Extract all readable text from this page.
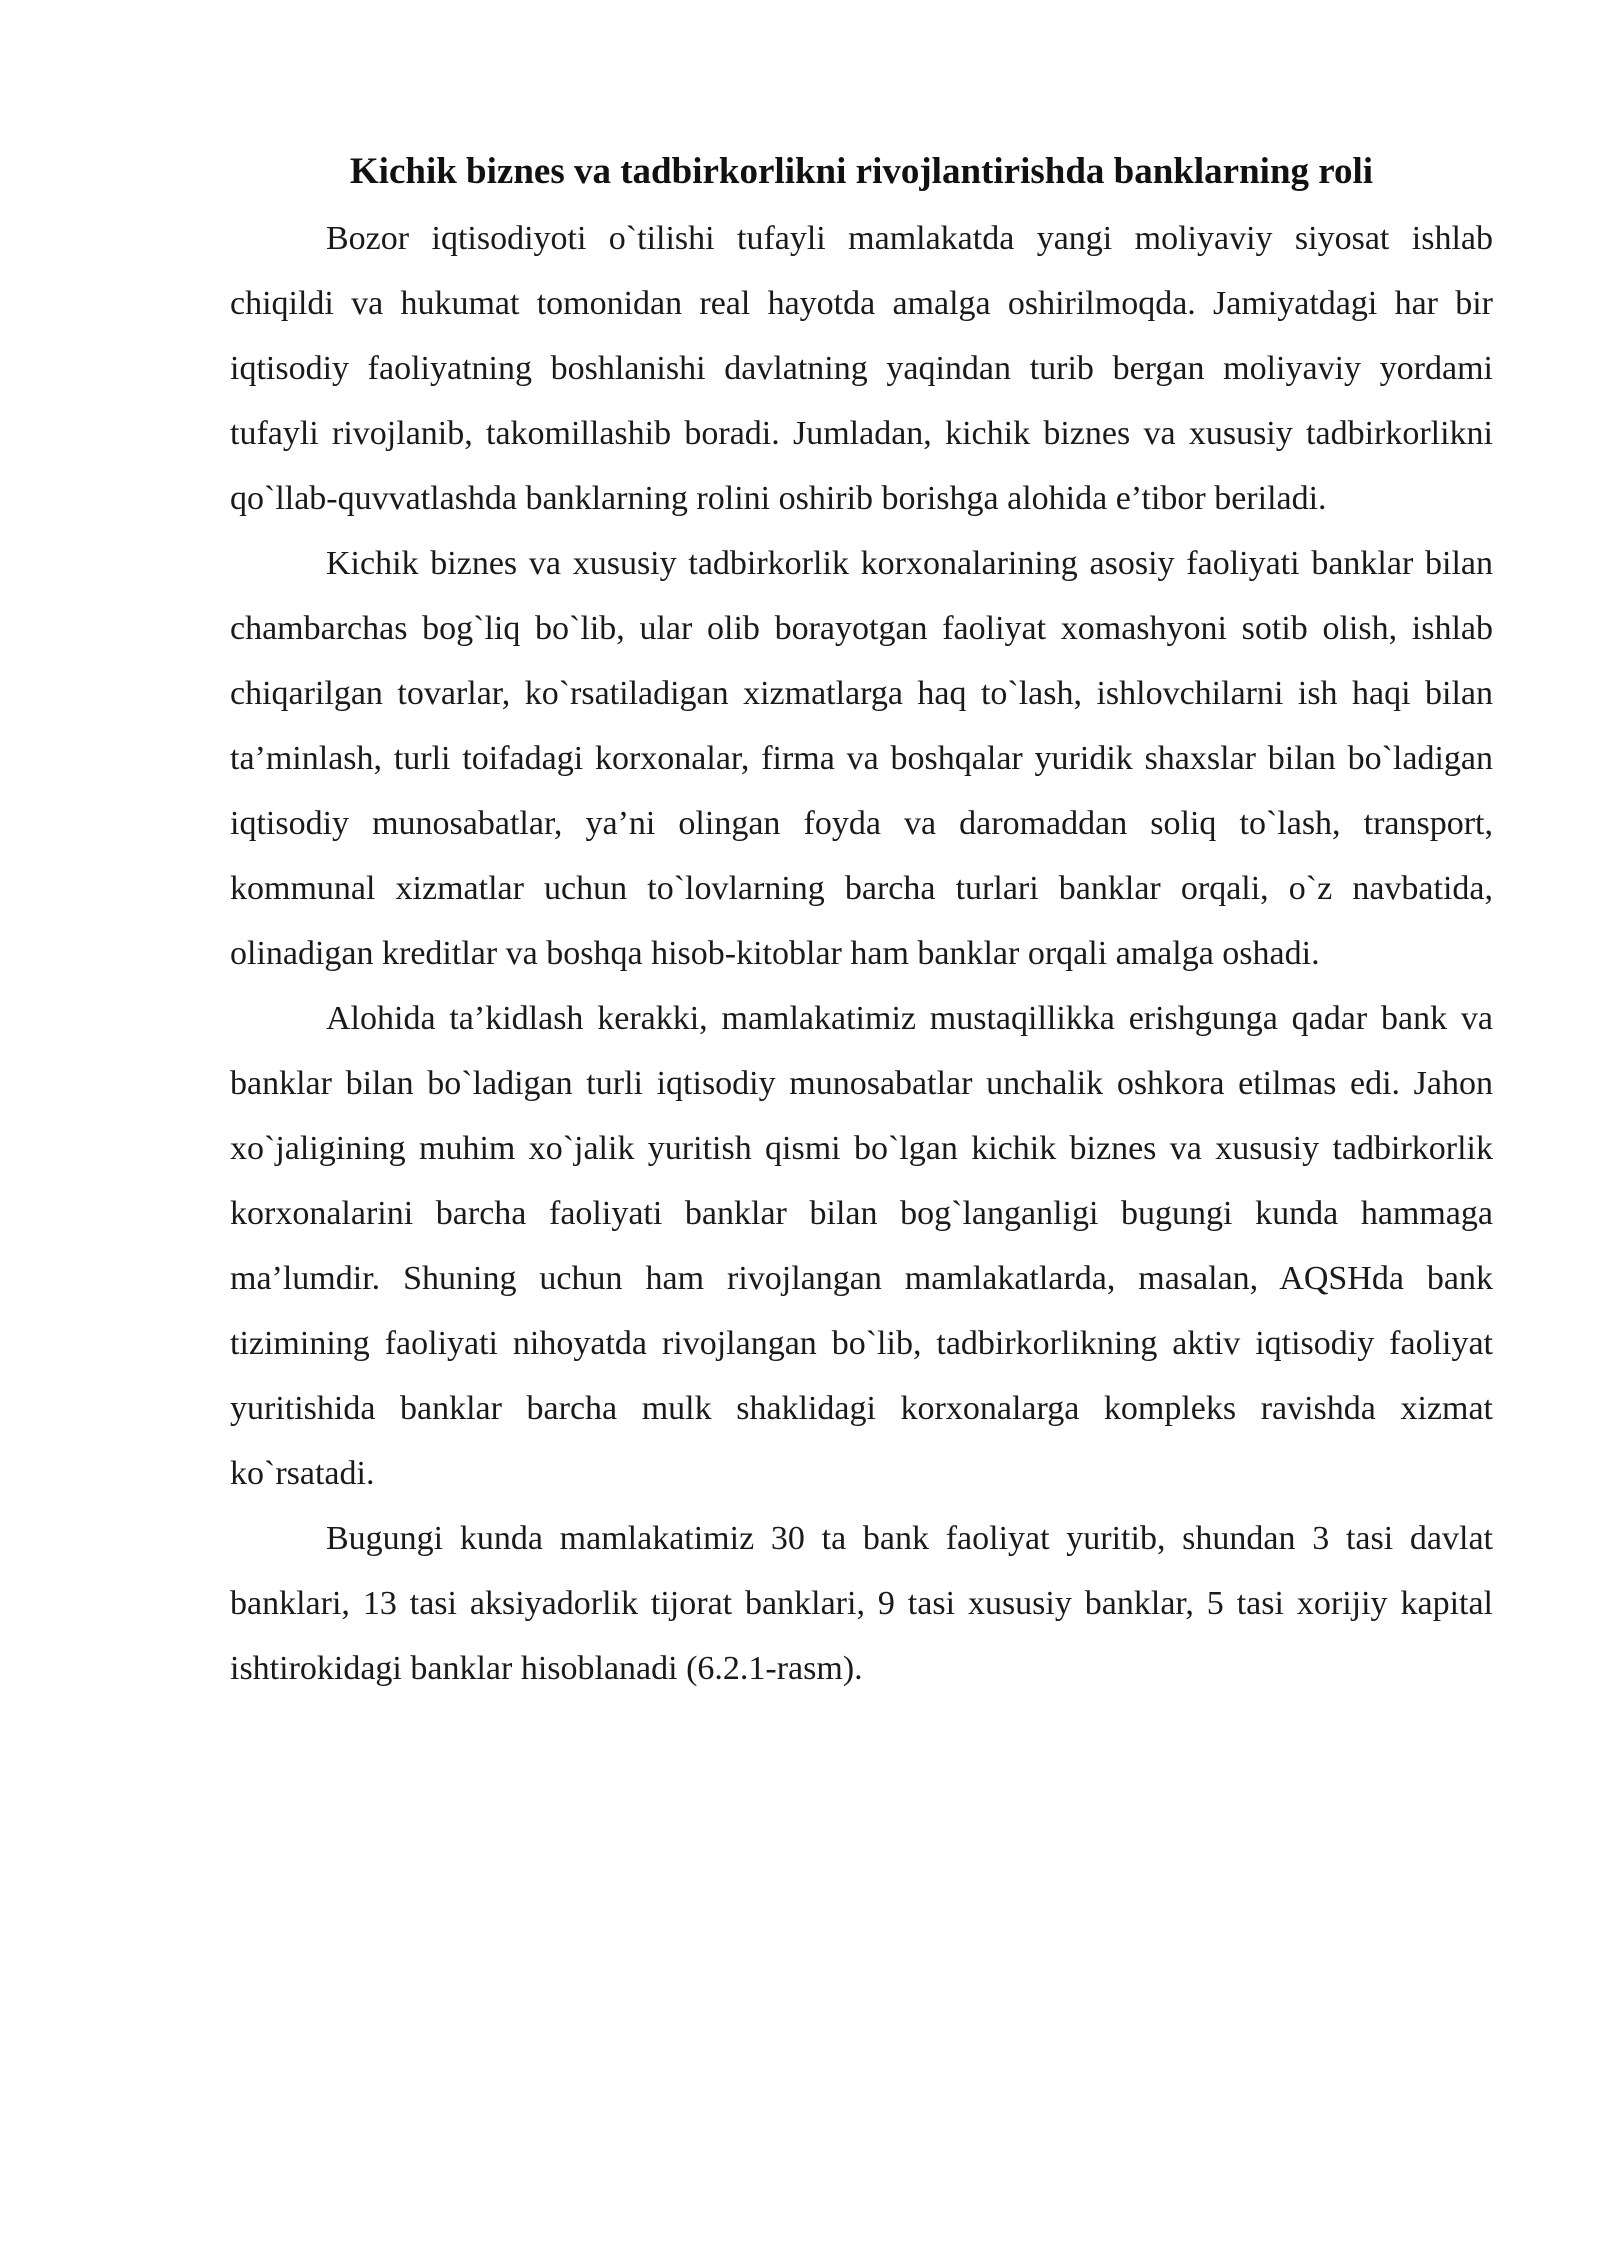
Kichik biznes va tadbirkorlikni rivojlantirishda banklarning roli

Bozor iqtisodiyoti o`tilishi tufayli mamlakatda yangi moliyaviy siyosat ishlab chiqildi va hukumat tomonidan real hayotda amalga oshirilmoqda. Jamiyatdagi har bir iqtisodiy faoliyatning boshlanishi davlatning yaqindan turib bergan moliyaviy yordami tufayli rivojlanib, takomillashib boradi. Jumladan, kichik biznes va xususiy tadbirkorlikni qo`llab-quvvatlashda banklarning rolini oshirib borishga alohida e’tibor beriladi.

Kichik biznes va xususiy tadbirkorlik korxonalarining asosiy faoliyati banklar bilan chambarchas bog`liq bo`lib, ular olib borayotgan faoliyat xomashyoni sotib olish, ishlab chiqarilgan tovarlar, ko`rsatiladigan xizmatlarga haq to`lash, ishlovchilarni ish haqi bilan ta’minlash, turli toifadagi korxonalar, firma va boshqalar yuridik shaxslar bilan bo`ladigan iqtisodiy munosabatlar, ya’ni olingan foyda va daromaddan soliq to`lash, transport, kommunal xizmatlar uchun to`lovlarning barcha turlari banklar orqali, o`z navbatida, olinadigan kreditlar va boshqa hisob-kitoblar ham banklar orqali amalga oshadi.

Alohida ta’kidlash kerakki, mamlakatimiz mustaqillikka erishgunga qadar bank va banklar bilan bo`ladigan turli iqtisodiy munosabatlar unchalik oshkora etilmas edi. Jahon xo`jaligining muhim xo`jalik yuritish qismi bo`lgan kichik biznes va xususiy tadbirkorlik korxonalarini barcha faoliyati banklar bilan bog`langanligi bugungi kunda hammaga ma’lumdir. Shuning uchun ham rivojlangan mamlakatlarda, masalan, AQSHda bank tizimining faoliyati nihoyatda rivojlangan bo`lib, tadbirkorlikning aktiv iqtisodiy faoliyat yuritishida banklar barcha mulk shaklidagi korxonalarga kompleks ravishda xizmat ko`rsatadi.

Bugungi kunda mamlakatimiz 30 ta bank faoliyat yuritib, shundan 3 tasi davlat banklari, 13 tasi aksiyadorlik tijorat banklari, 9 tasi xususiy banklar, 5 tasi xorijiy kapital ishtirokidagi banklar hisoblanadi (6.2.1-rasm).
